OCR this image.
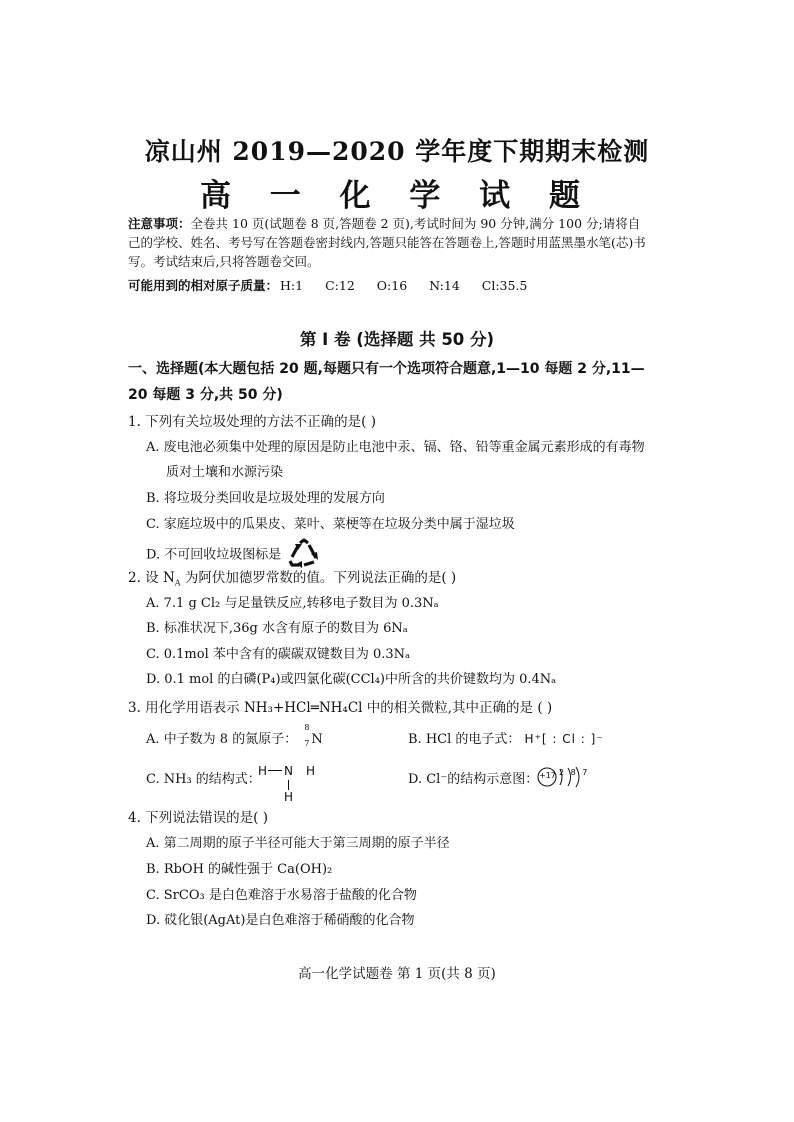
凉山州 2019—2020 学年度下期期末检测
高 一 化 学 试 题
注意事项：全卷共 10 页(试题卷 8 页,答题卷 2 页),考试时间为 90 分钟,满分 100 分;请将自己的学校、姓名、考号写在答题卷密封线内,答题只能答在答题卷上,答题时用蓝黑墨水笔(芯)书写。考试结束后,只将答题卷交回。
可能用到的相对原子质量： H:1 C:12 O:16 N:14 Cl:35.5
第 I 卷 (选择题 共 50 分)
一、选择题(本大题包括 20 题,每题只有一个选项符合题意,1—10 每题 2 分,11—20 每题 3 分,共 50 分)
1. 下列有关垃圾处理的方法不正确的是( )
A. 废电池必须集中处理的原因是防止电池中汞、镉、铬、铅等重金属元素形成的有毒物
质对土壤和水源污染
B. 将垃圾分类回收是垃圾处理的发展方向
C. 家庭垃圾中的瓜果皮、菜叶、菜梗等在垃圾分类中属于湿垃圾
D. 不可回收垃圾图标是
2. 设 $N_A$ 为阿伏加德罗常数的值。下列说法正确的是( )
A. 7.1 g Cl₂ 与足量铁反应,转移电子数目为 0.3Nₐ
B. 标准状况下,36g 水含有原子的数目为 6Nₐ
C. 0.1mol 苯中含有的碳碳双键数目为 0.3Nₐ
D. 0.1 mol 的白磷(P₄)或四氯化碳(CCl₄)中所含的共价键数均为 0.4Nₐ
3. 用化学用语表示 NH₃+HCl═NH₄Cl 中的相关微粒,其中正确的是 ( )
A. 中子数为 8 的氮原子：
8
7 N	B. HCl 的电子式： H⁺[ : Cl : ]⁻
C. NH₃ 的结构式：
H N H
H
D. Cl⁻的结构示意图： +17 2 8 7
4. 下列说法错误的是( )
A. 第二周期的原子半径可能大于第三周期的原子半径
B. RbOH 的碱性强于 Ca(OH)₂
C. SrCO₃ 是白色难溶于水易溶于盐酸的化合物
D. 砹化银(AgAt)是白色难溶于稀硝酸的化合物
高一化学试题卷 第 1 页(共 8 页)
